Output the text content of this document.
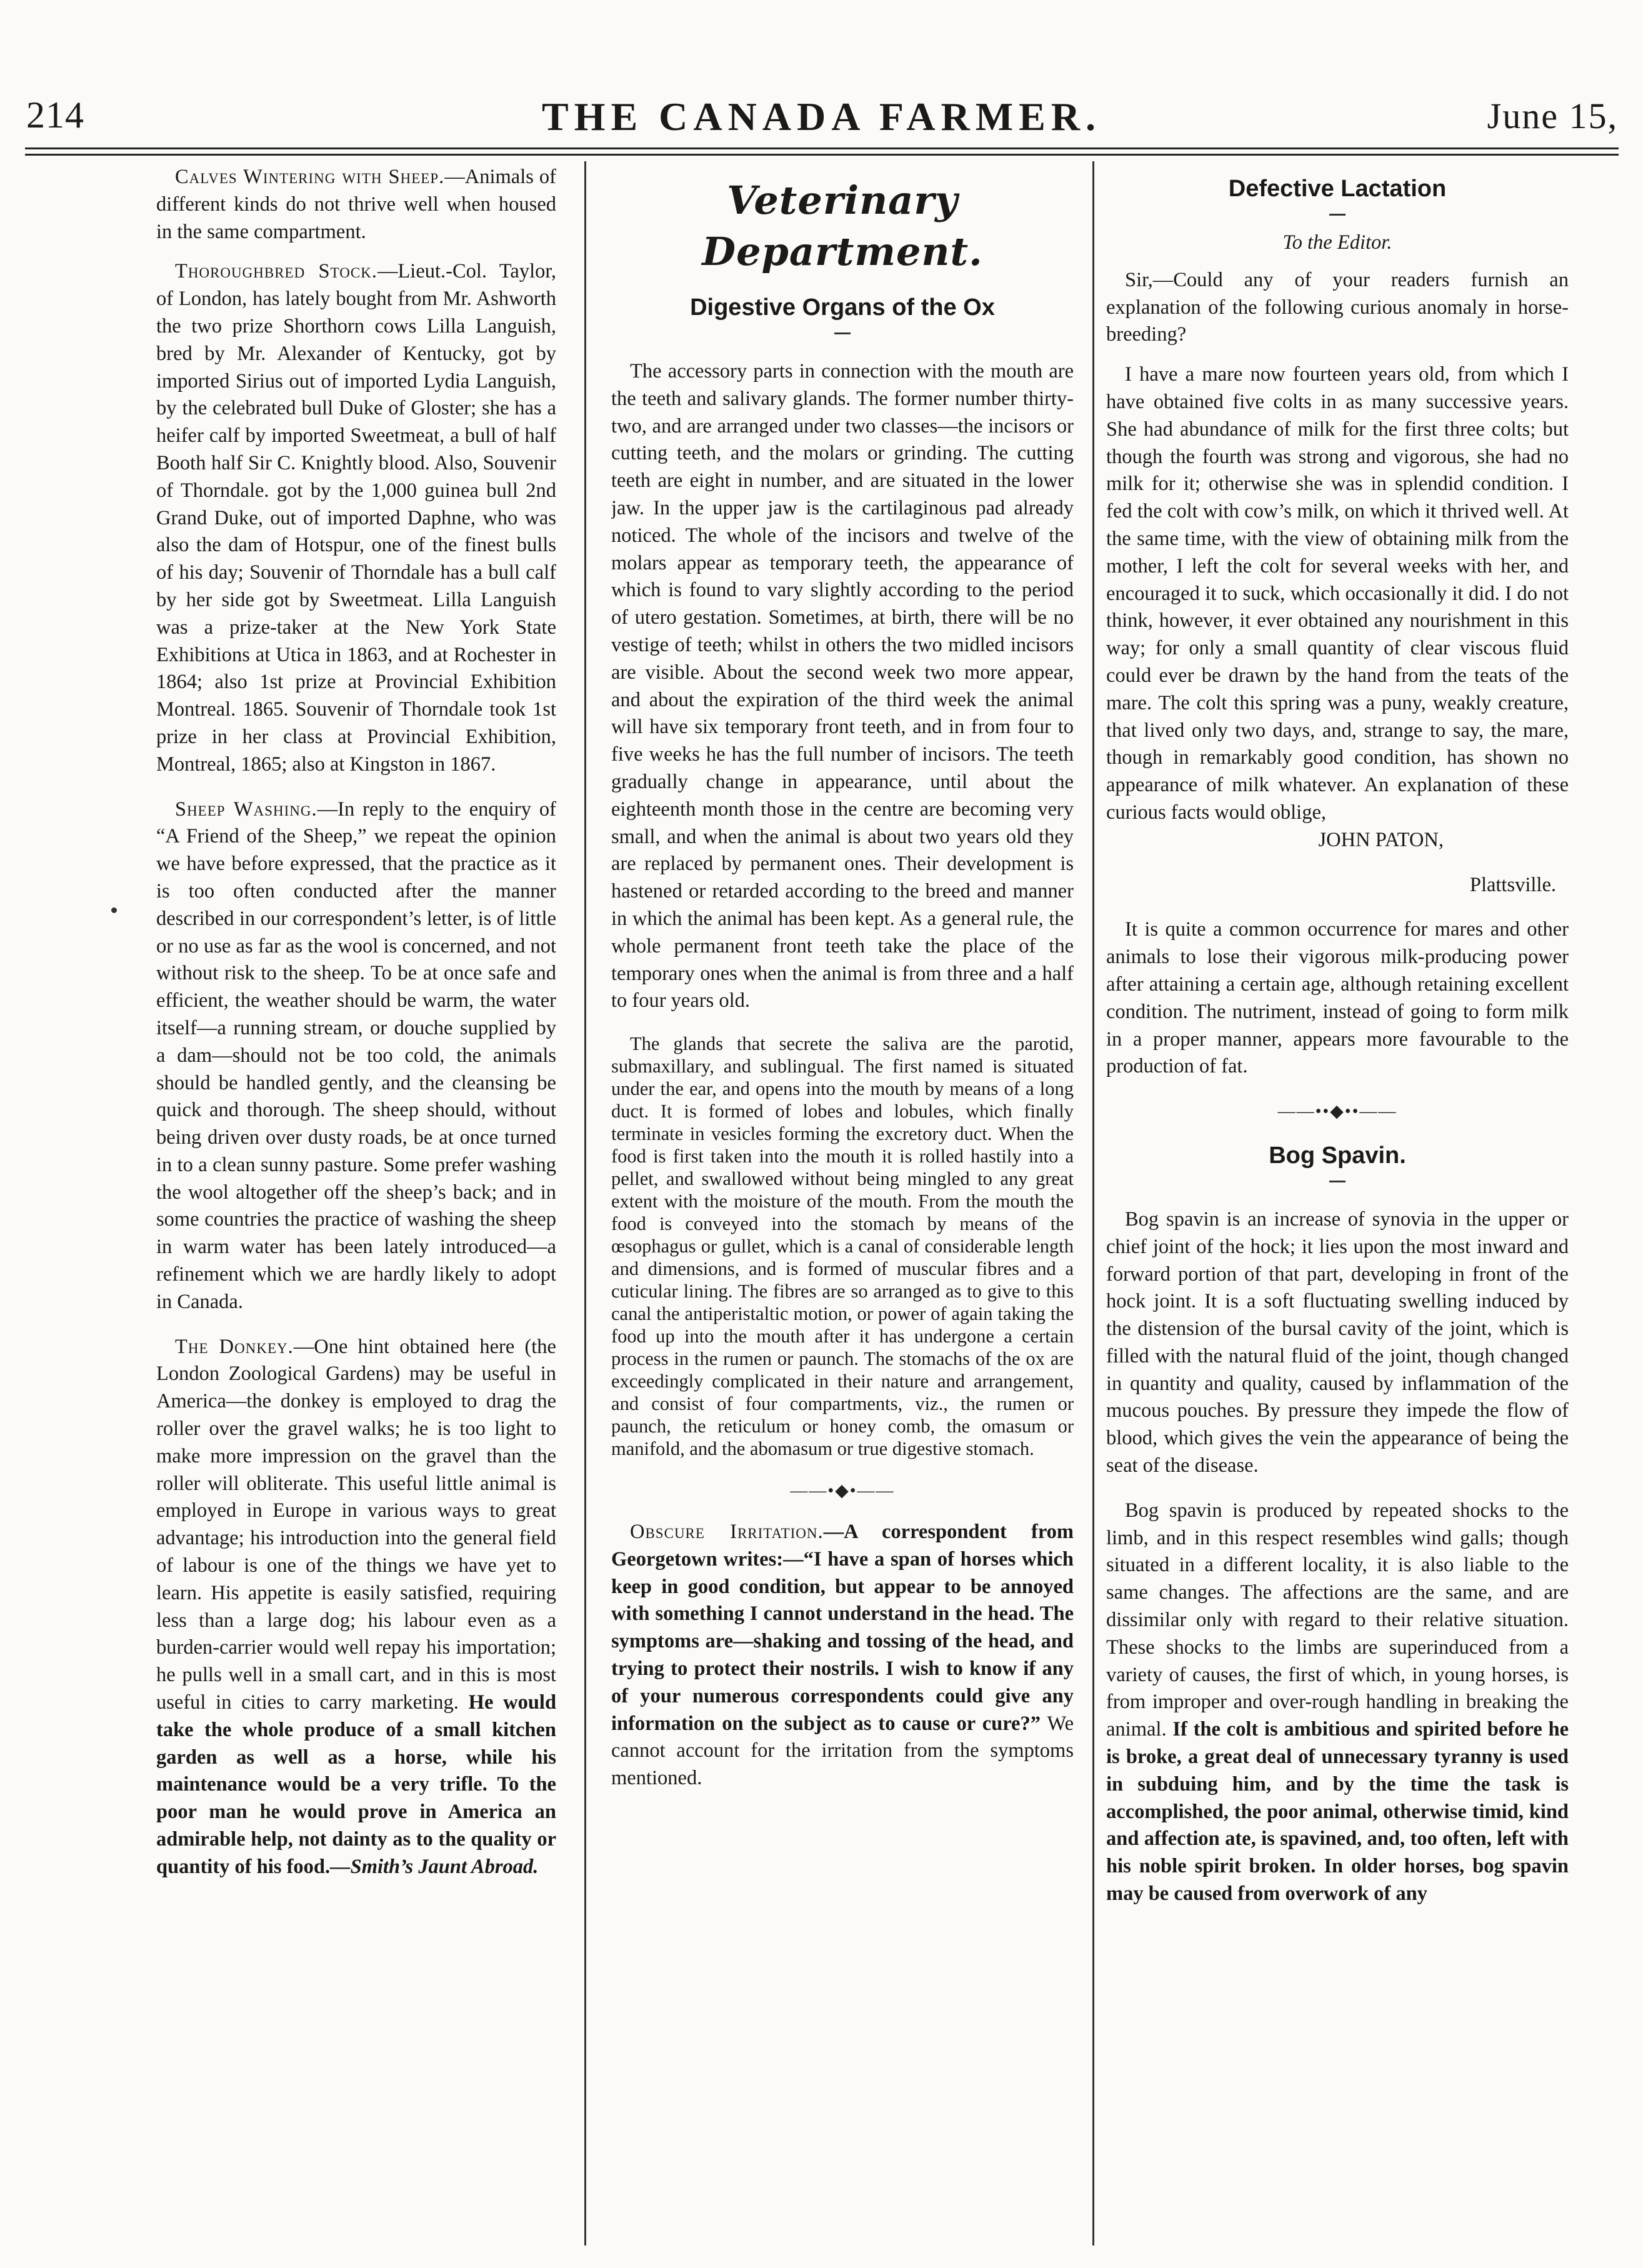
214	THE CANADA FARMER.	June 15,

Calves Wintering with Sheep.—Animals of different kinds do not thrive well when housed in the same compartment.

Thoroughbred Stock.—Lieut.-Col. Taylor, of London, has lately bought from Mr. Ashworth the two prize Shorthorn cows Lilla Languish, bred by Mr. Alexander of Kentucky, got by imported Sirius out of imported Lydia Languish, by the celebrated bull Duke of Gloster; she has a heifer calf by imported Sweetmeat, a bull of half Booth half Sir C. Knightly blood. Also, Souvenir of Thorndale. got by the 1,000 guinea bull 2nd Grand Duke, out of imported Daphne, who was also the dam of Hotspur, one of the finest bulls of his day; Souvenir of Thorndale has a bull calf by her side got by Sweetmeat. Lilla Languish was a prize-taker at the New York State Exhibitions at Utica in 1863, and at Rochester in 1864; also 1st prize at Provincial Exhibition Montreal. 1865. Souvenir of Thorndale took 1st prize in her class at Provincial Exhibition, Montreal, 1865; also at Kingston in 1867.

Sheep Washing.—In reply to the enquiry of “A Friend of the Sheep,” we repeat the opinion we have before expressed, that the practice as it is too often conducted after the manner described in our correspondent’s letter, is of little or no use as far as the wool is concerned, and not without risk to the sheep. To be at once safe and efficient, the weather should be warm, the water itself—a running stream, or douche supplied by a dam—should not be too cold, the animals should be handled gently, and the cleansing be quick and thorough. The sheep should, without being driven over dusty roads, be at once turned in to a clean sunny pasture. Some prefer washing the wool altogether off the sheep’s back; and in some countries the practice of washing the sheep in warm water has been lately introduced—a refinement which we are hardly likely to adopt in Canada.

The Donkey.—One hint obtained here (the London Zoological Gardens) may be useful in America—the donkey is employed to drag the roller over the gravel walks; he is too light to make more impression on the gravel than the roller will obliterate. This useful little animal is employed in Europe in various ways to great advantage; his introduction into the general field of labour is one of the things we have yet to learn. His appetite is easily satisfied, requiring less than a large dog; his labour even as a burden-carrier would well repay his importation; he pulls well in a small cart, and in this is most useful in cities to carry marketing. He would take the whole produce of a small kitchen garden as well as a horse, while his maintenance would be a very trifle. To the poor man he would prove in America an admirable help, not dainty as to the quality or quantity of his food.—Smith’s Jaunt Abroad.

Veterinary Department.
Digestive Organs of the Ox

The accessory parts in connection with the mouth are the teeth and salivary glands. The former number thirty-two, and are arranged under two classes—the incisors or cutting teeth, and the molars or grinding. The cutting teeth are eight in number, and are situated in the lower jaw. In the upper jaw is the cartilaginous pad already noticed. The whole of the incisors and twelve of the molars appear as temporary teeth, the appearance of which is found to vary slightly according to the period of utero gestation. Sometimes, at birth, there will be no vestige of teeth; whilst in others the two midled incisors are visible. About the second week two more appear, and about the expiration of the third week the animal will have six temporary front teeth, and in from four to five weeks he has the full number of incisors. The teeth gradually change in appearance, until about the eighteenth month those in the centre are becoming very small, and when the animal is about two years old they are replaced by permanent ones. Their development is hastened or retarded according to the breed and manner in which the animal has been kept. As a general rule, the whole permanent front teeth take the place of the temporary ones when the animal is from three and a half to four years old.

The glands that secrete the saliva are the parotid, submaxillary, and sublingual. The first named is situated under the ear, and opens into the mouth by means of a long duct. It is formed of lobes and lobules, which finally terminate in vesicles forming the excretory duct. When the food is first taken into the mouth it is rolled hastily into a pellet, and swallowed without being mingled to any great extent with the moisture of the mouth. From the mouth the food is conveyed into the stomach by means of the œsophagus or gullet, which is a canal of considerable length and dimensions, and is formed of muscular fibres and a cuticular lining. The fibres are so arranged as to give to this canal the antiperistaltic motion, or power of again taking the food up into the mouth after it has undergone a certain process in the rumen or paunch. The stomachs of the ox are exceedingly complicated in their nature and arrangement, and consist of four compartments, viz., the rumen or paunch, the reticulum or honey comb, the omasum or manifold, and the abomasum or true digestive stomach.

——•◆•——

Obscure Irritation.—A correspondent from Georgetown writes:—“I have a span of horses which keep in good condition, but appear to be annoyed with something I cannot understand in the head. The symptoms are—shaking and tossing of the head, and trying to protect their nostrils. I wish to know if any of your numerous correspondents could give any information on the subject as to cause or cure?” We cannot account for the irritation from the symptoms mentioned.

Defective Lactation
To the Editor.

Sir,—Could any of your readers furnish an explanation of the following curious anomaly in horse-breeding?

I have a mare now fourteen years old, from which I have obtained five colts in as many successive years. She had abundance of milk for the first three colts; but though the fourth was strong and vigorous, she had no milk for it; otherwise she was in splendid condition. I fed the colt with cow’s milk, on which it thrived well. At the same time, with the view of obtaining milk from the mother, I left the colt for several weeks with her, and encouraged it to suck, which occasionally it did. I do not think, however, it ever obtained any nourishment in this way; for only a small quantity of clear viscous fluid could ever be drawn by the hand from the teats of the mare. The colt this spring was a puny, weakly creature, that lived only two days, and, strange to say, the mare, though in remarkably good condition, has shown no appearance of milk whatever. An explanation of these curious facts would oblige,

JOHN PATON,

Plattsville.

It is quite a common occurrence for mares and other animals to lose their vigorous milk-producing power after attaining a certain age, although retaining excellent condition. The nutriment, instead of going to form milk in a proper manner, appears more favourable to the production of fat.

——••◆••——
Bog Spavin.

Bog spavin is an increase of synovia in the upper or chief joint of the hock; it lies upon the most inward and forward portion of that part, developing in front of the hock joint. It is a soft fluctuating swelling induced by the distension of the bursal cavity of the joint, which is filled with the natural fluid of the joint, though changed in quantity and quality, caused by inflammation of the mucous pouches. By pressure they impede the flow of blood, which gives the vein the appearance of being the seat of the disease.

Bog spavin is produced by repeated shocks to the limb, and in this respect resembles wind galls; though situated in a different locality, it is also liable to the same changes. The affections are the same, and are dissimilar only with regard to their relative situation. These shocks to the limbs are superinduced from a variety of causes, the first of which, in young horses, is from improper and over-rough handling in breaking the animal. If the colt is ambitious and spirited before he is broke, a great deal of unnecessary tyranny is used in subduing him, and by the time the task is accomplished, the poor animal, otherwise timid, kind and affection ate, is spavined, and, too often, left with his noble spirit broken. In older horses, bog spavin may be caused from overwork of any
